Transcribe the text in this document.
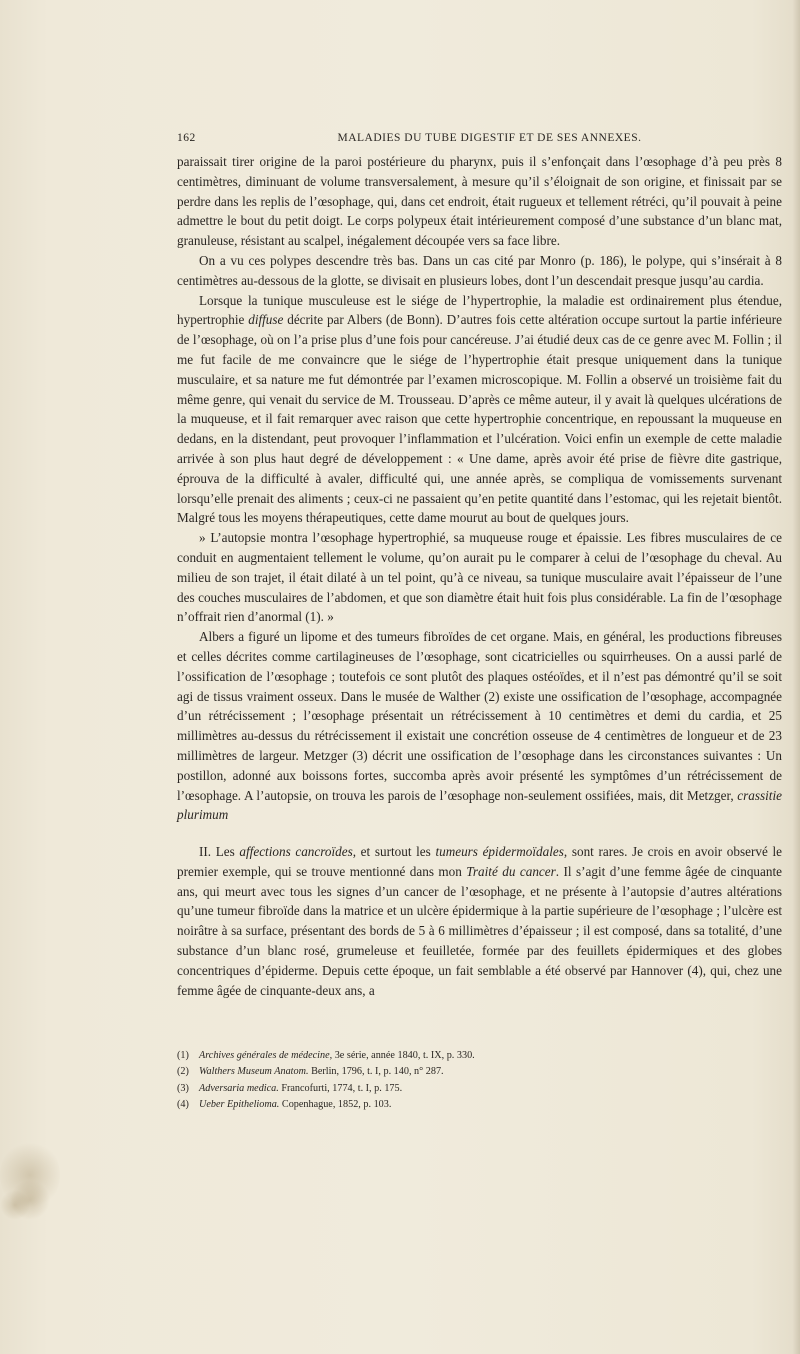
162	MALADIES DU TUBE DIGESTIF ET DE SES ANNEXES.

paraissait tirer origine de la paroi postérieure du pharynx, puis il s’enfonçait dans l’œsophage d’à peu près 8 centimètres, diminuant de volume transversalement, à mesure qu’il s’éloignait de son origine, et finissait par se perdre dans les replis de l’œsophage, qui, dans cet endroit, était rugueux et tellement rétréci, qu’il pouvait à peine admettre le bout du petit doigt. Le corps polypeux était intérieurement composé d’une substance d’un blanc mat, granuleuse, résistant au scalpel, inégalement découpée vers sa face libre.

On a vu ces polypes descendre très bas. Dans un cas cité par Monro (p. 186), le polype, qui s’insérait à 8 centimètres au-dessous de la glotte, se divisait en plusieurs lobes, dont l’un descendait presque jusqu’au cardia.

Lorsque la tunique musculeuse est le siége de l’hypertrophie, la maladie est ordinairement plus étendue, hypertrophie diffuse décrite par Albers (de Bonn). D’autres fois cette altération occupe surtout la partie inférieure de l’œsophage, où on l’a prise plus d’une fois pour cancéreuse. J’ai étudié deux cas de ce genre avec M. Follin ; il me fut facile de me convaincre que le siége de l’hypertrophie était presque uniquement dans la tunique musculaire, et sa nature me fut démontrée par l’examen microscopique. M. Follin a observé un troisième fait du même genre, qui venait du service de M. Trousseau. D’après ce même auteur, il y avait là quelques ulcérations de la muqueuse, et il fait remarquer avec raison que cette hypertrophie concentrique, en repoussant la muqueuse en dedans, en la distendant, peut provoquer l’inflammation et l’ulcération. Voici enfin un exemple de cette maladie arrivée à son plus haut degré de développement : « Une dame, après avoir été prise de fièvre dite gastrique, éprouva de la difficulté à avaler, difficulté qui, une année après, se compliqua de vomissements survenant lorsqu’elle prenait des aliments ; ceux-ci ne passaient qu’en petite quantité dans l’estomac, qui les rejetait bientôt. Malgré tous les moyens thérapeutiques, cette dame mourut au bout de quelques jours.

» L’autopsie montra l’œsophage hypertrophié, sa muqueuse rouge et épaissie. Les fibres musculaires de ce conduit en augmentaient tellement le volume, qu’on aurait pu le comparer à celui de l’œsophage du cheval. Au milieu de son trajet, il était dilaté à un tel point, qu’à ce niveau, sa tunique musculaire avait l’épaisseur de l’une des couches musculaires de l’abdomen, et que son diamètre était huit fois plus considérable. La fin de l’œsophage n’offrait rien d’anormal (1). »

Albers a figuré un lipome et des tumeurs fibroïdes de cet organe. Mais, en général, les productions fibreuses et celles décrites comme cartilagineuses de l’œsophage, sont cicatricielles ou squirrheuses. On a aussi parlé de l’ossification de l’œsophage ; toutefois ce sont plutôt des plaques ostéoïdes, et il n’est pas démontré qu’il se soit agi de tissus vraiment osseux. Dans le musée de Walther (2) existe une ossification de l’œsophage, accompagnée d’un rétrécissement ; l’œsophage présentait un rétrécissement à 10 centimètres et demi du cardia, et 25 millimètres au-dessus du rétrécissement il existait une concrétion osseuse de 4 centimètres de longueur et de 23 millimètres de largeur. Metzger (3) décrit une ossification de l’œsophage dans les circonstances suivantes : Un postillon, adonné aux boissons fortes, succomba après avoir présenté les symptômes d’un rétrécissement de l’œsophage. A l’autopsie, on trouva les parois de l’œsophage non-seulement ossifiées, mais, dit Metzger, crassitie plurimum

II. Les affections cancroïdes, et surtout les tumeurs épidermoïdales, sont rares. Je crois en avoir observé le premier exemple, qui se trouve mentionné dans mon Traité du cancer. Il s’agit d’une femme âgée de cinquante ans, qui meurt avec tous les signes d’un cancer de l’œsophage, et ne présente à l’autopsie d’autres altérations qu’une tumeur fibroïde dans la matrice et un ulcère épidermique à la partie supérieure de l’œsophage ; l’ulcère est noirâtre à sa surface, présentant des bords de 5 à 6 millimètres d’épaisseur ; il est composé, dans sa totalité, d’une substance d’un blanc rosé, grumeleuse et feuilletée, formée par des feuillets épidermiques et des globes concentriques d’épiderme. Depuis cette époque, un fait semblable a été observé par Hannover (4), qui, chez une femme âgée de cinquante-deux ans, a

(1) Archives générales de médecine, 3e série, année 1840, t. IX, p. 330.
(2) Walthers Museum Anatom. Berlin, 1796, t. I, p. 140, n° 287.
(3) Adversaria medica. Francofurti, 1774, t. I, p. 175.
(4) Ueber Epithelioma. Copenhague, 1852, p. 103.
